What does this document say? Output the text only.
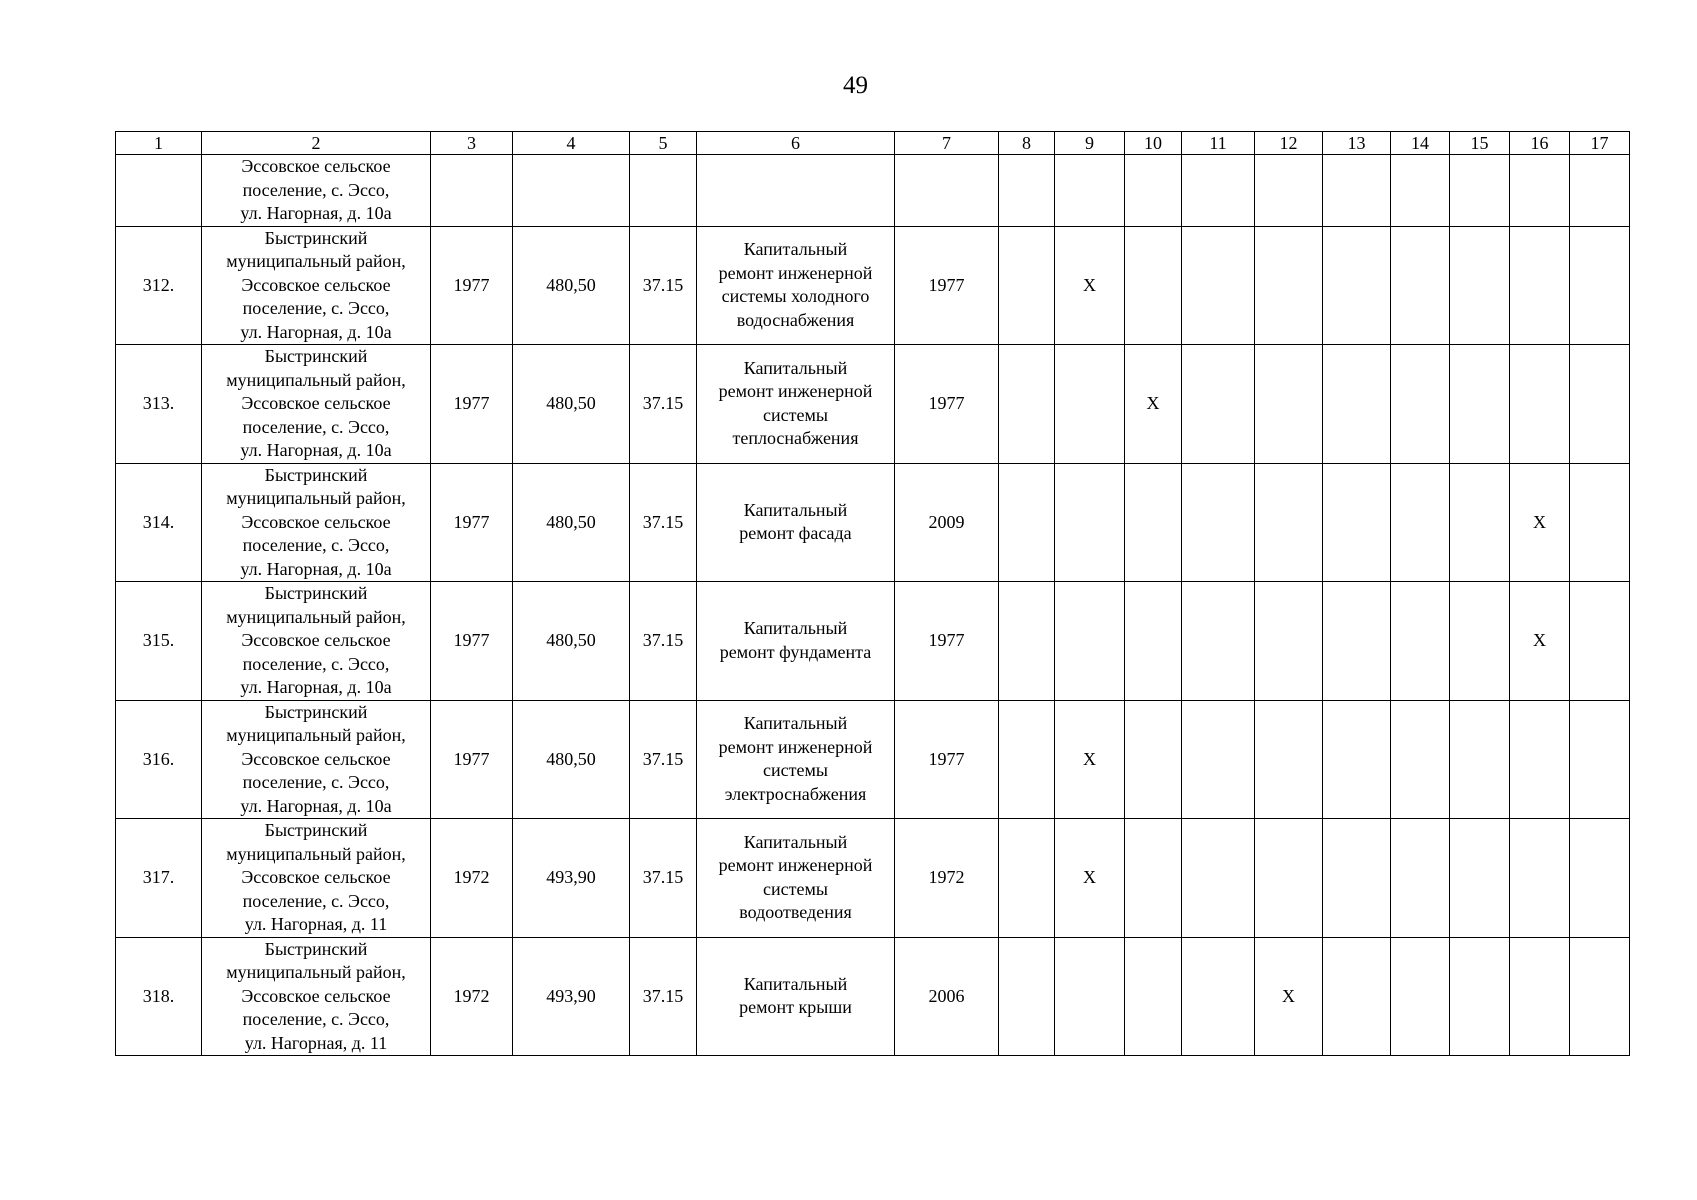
49
1	2	3	4	5	6	7	8	9	10	11	12	13	14	15	16	17
	Эссовское сельское
поселение, с. Эссо,
ул. Нагорная, д. 10а															
312.	Быстринский
муниципальный район,
Эссовское сельское
поселение, с. Эссо,
ул. Нагорная, д. 10а	1977	480,50	37.15	Капитальный
ремонт инженерной
системы холодного
водоснабжения	1977		X								
313.	Быстринский
муниципальный район,
Эссовское сельское
поселение, с. Эссо,
ул. Нагорная, д. 10а	1977	480,50	37.15	Капитальный
ремонт инженерной
системы
теплоснабжения	1977			X							
314.	Быстринский
муниципальный район,
Эссовское сельское
поселение, с. Эссо,
ул. Нагорная, д. 10а	1977	480,50	37.15	Капитальный
ремонт фасада	2009									X	
315.	Быстринский
муниципальный район,
Эссовское сельское
поселение, с. Эссо,
ул. Нагорная, д. 10а	1977	480,50	37.15	Капитальный
ремонт фундамента	1977									X	
316.	Быстринский
муниципальный район,
Эссовское сельское
поселение, с. Эссо,
ул. Нагорная, д. 10а	1977	480,50	37.15	Капитальный
ремонт инженерной
системы
электроснабжения	1977		X								
317.	Быстринский
муниципальный район,
Эссовское сельское
поселение, с. Эссо,
ул. Нагорная, д. 11	1972	493,90	37.15	Капитальный
ремонт инженерной
системы
водоотведения	1972		X								
318.	Быстринский
муниципальный район,
Эссовское сельское
поселение, с. Эссо,
ул. Нагорная, д. 11	1972	493,90	37.15	Капитальный
ремонт крыши	2006					X					
